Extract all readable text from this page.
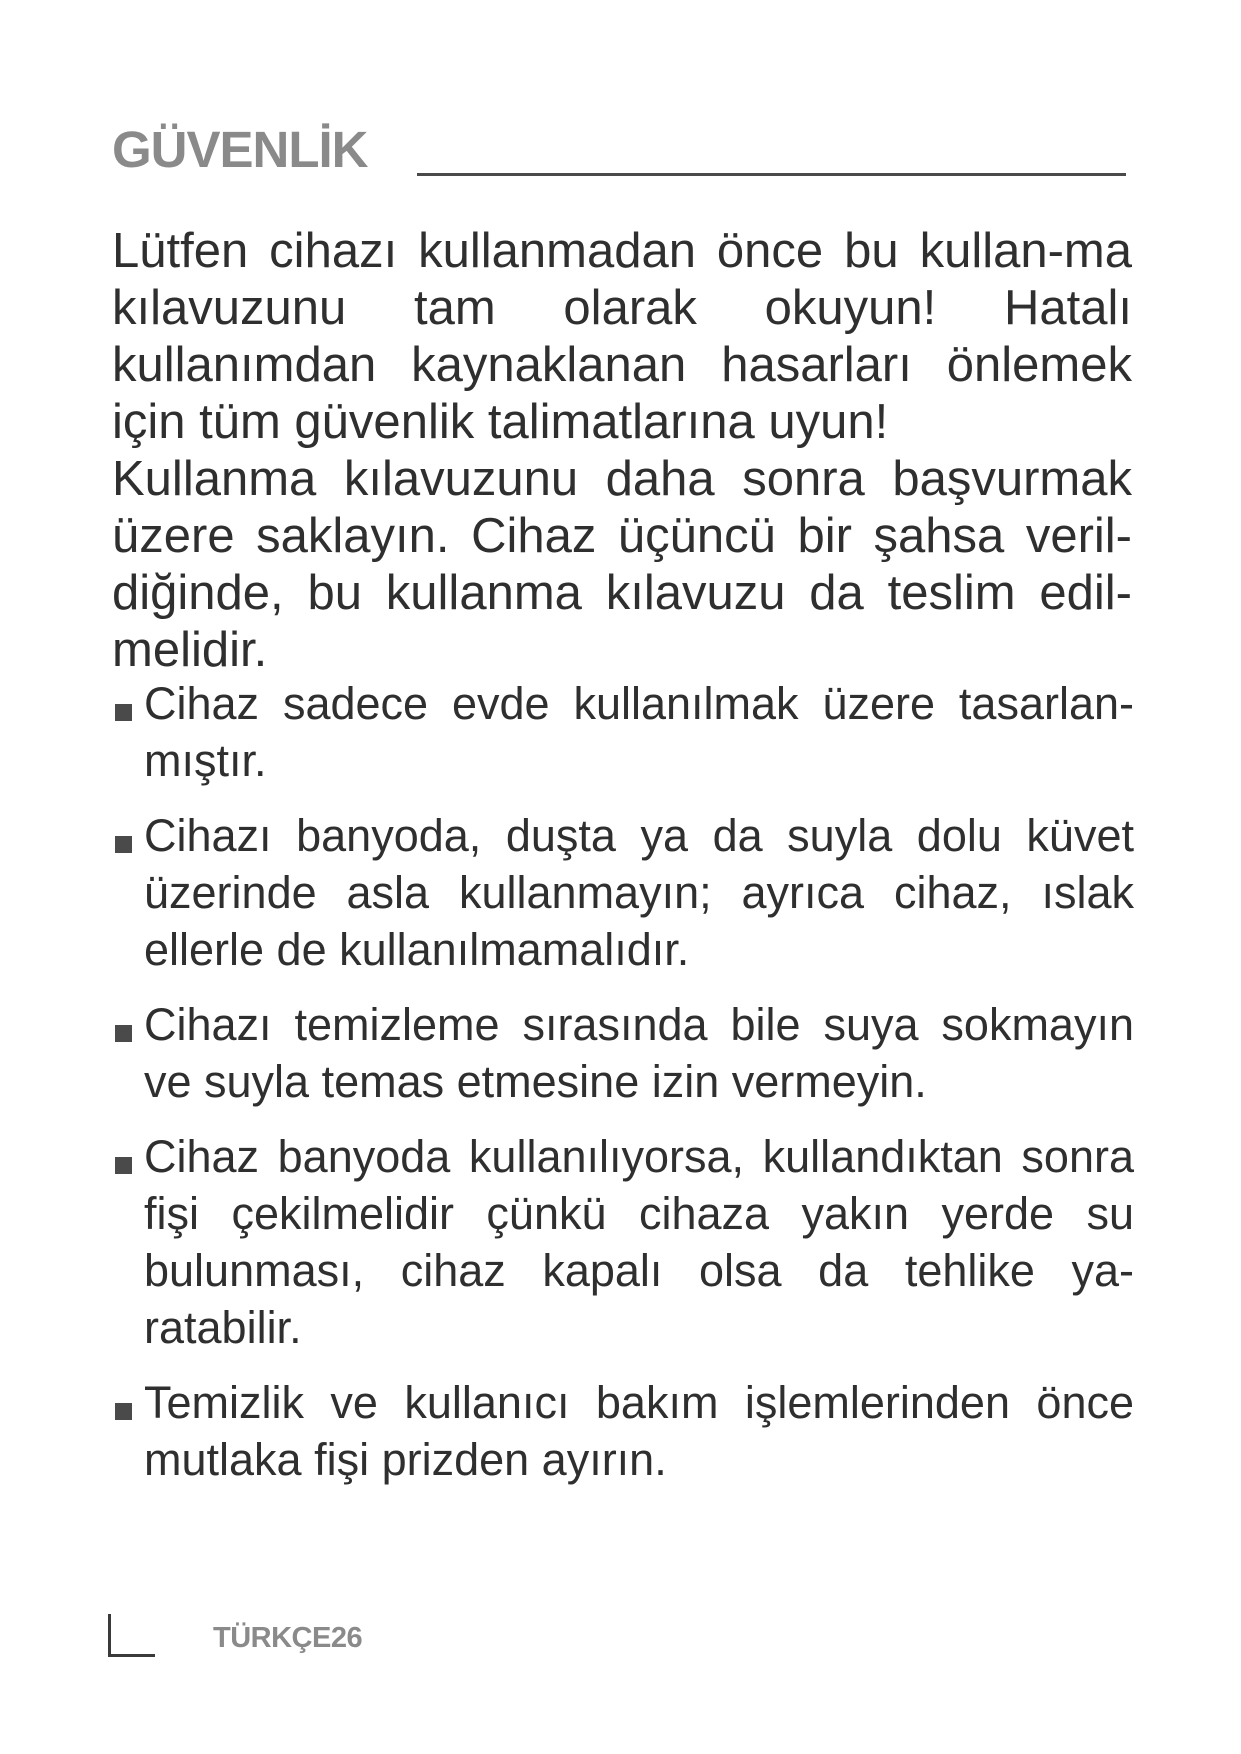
GÜVENLİK

Lütfen cihazı kullanmadan önce bu kullan-ma kılavuzunu tam olarak okuyun! Hatalı kullanımdan kaynaklanan hasarları önlemek için tüm güvenlik talimatlarına uyun!

Kullanma kılavuzunu daha sonra başvurmak üzere saklayın. Cihaz üçüncü bir şahsa veril-diğinde, bu kullanma kılavuzu da teslim edil-melidir.

Cihaz sadece evde kullanılmak üzere tasarlan-mıştır.
Cihazı banyoda, duşta ya da suyla dolu küvet üzerinde asla kullanmayın; ayrıca cihaz, ıslak ellerle de kullanılmamalıdır.
Cihazı temizleme sırasında bile suya sokmayın ve suyla temas etmesine izin vermeyin.
Cihaz banyoda kullanılıyorsa, kullandıktan sonra fişi çekilmelidir çünkü cihaza yakın yerde su bulunması, cihaz kapalı olsa da tehlike ya-ratabilir.
Temizlik ve kullanıcı bakım işlemlerinden önce mutlaka fişi prizden ayırın.
TÜRKÇE26
